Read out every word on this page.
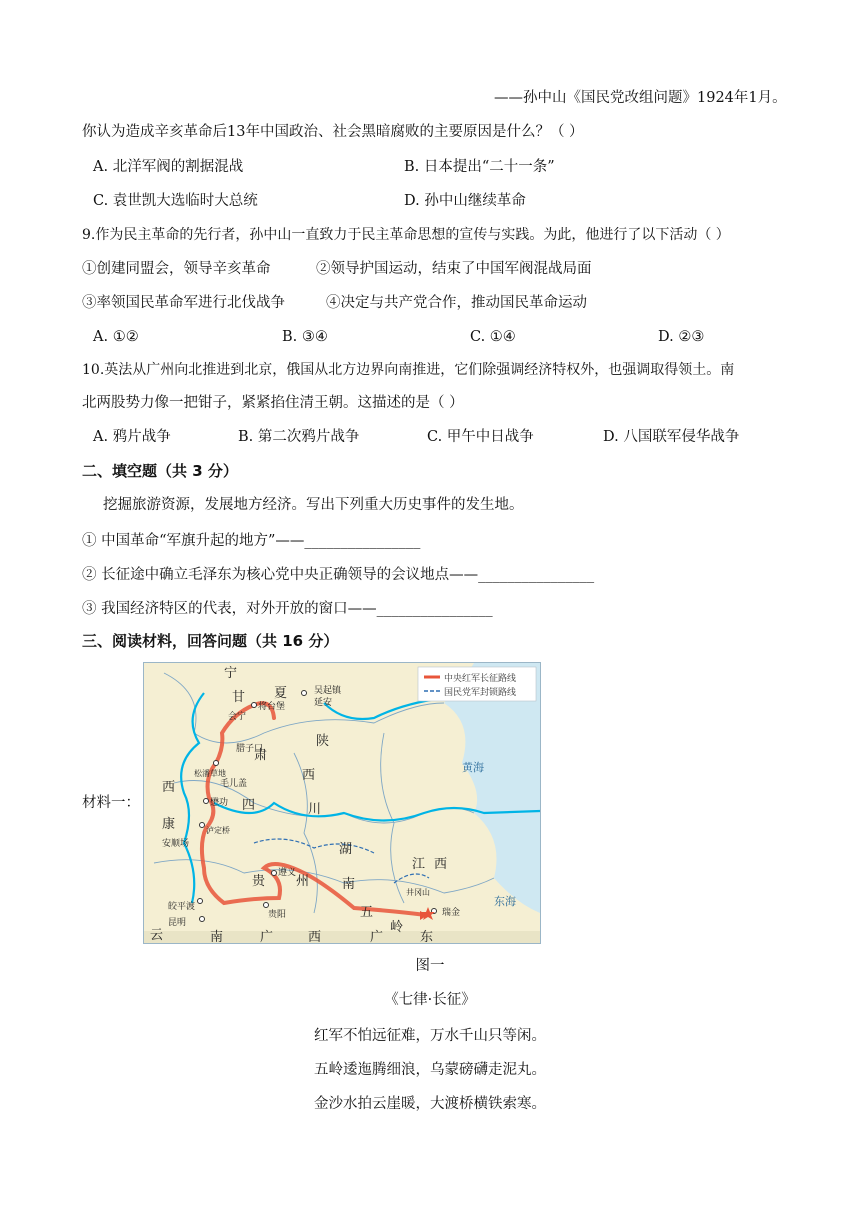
——孙中山《国民党改组问题》1924年1月。
你认为造成辛亥革命后13年中国政治、社会黑暗腐败的主要原因是什么？（ ）
A. 北洋军阀的割据混战	B. 日本提出“二十一条”
C. 袁世凯大选临时大总统	D. 孙中山继续革命
9.作为民主革命的先行者，孙中山一直致力于民主革命思想的宣传与实践。为此，他进行了以下活动（ ）
①创建同盟会，领导辛亥革命	②领导护国运动，结束了中国军阀混战局面
③率领国民革命军进行北伐战争	④决定与共产党合作，推动国民革命运动
A. ①②	B. ③④	C. ①④	D. ②③
10.英法从广州向北推进到北京，俄国从北方边界向南推进，它们除强调经济特权外，也强调取得领土。南
北两股势力像一把钳子，紧紧掐住清王朝。这描述的是（ ）
A. 鸦片战争	B. 第二次鸦片战争	C. 甲午中日战争	D. 八国联军侵华战争
二、填空题（共 3 分）
挖掘旅游资源，发展地方经济。写出下列重大历史事件的发生地。
① 中国革命“军旗升起的地方”——________________
② 长征途中确立毛泽东为核心党中央正确领导的会议地点——________________
③ 我国经济特区的代表，对外开放的窗口——________________
三、阅读材料，回答问题（共 16 分）
材料一：
中央红军长征路线
国民党军封锁路线
宁
夏
甘
陕
西
西
肃
四	川
康
湖
南
江 西
贵 州
云	南	广	西	广	东
五
岭
吴起镇
延安
将台堡
会宁
腊子口
松潘草地
毛儿盖
懋功
泸定桥
安顺场
遵义
贵阳
皎平渡
昆明
井冈山
瑞金
黄海
东海
图一
《七律·长征》
红军不怕远征难，万水千山只等闲。
五岭逶迤腾细浪，乌蒙磅礴走泥丸。
金沙水拍云崖暖，大渡桥横铁索寒。
